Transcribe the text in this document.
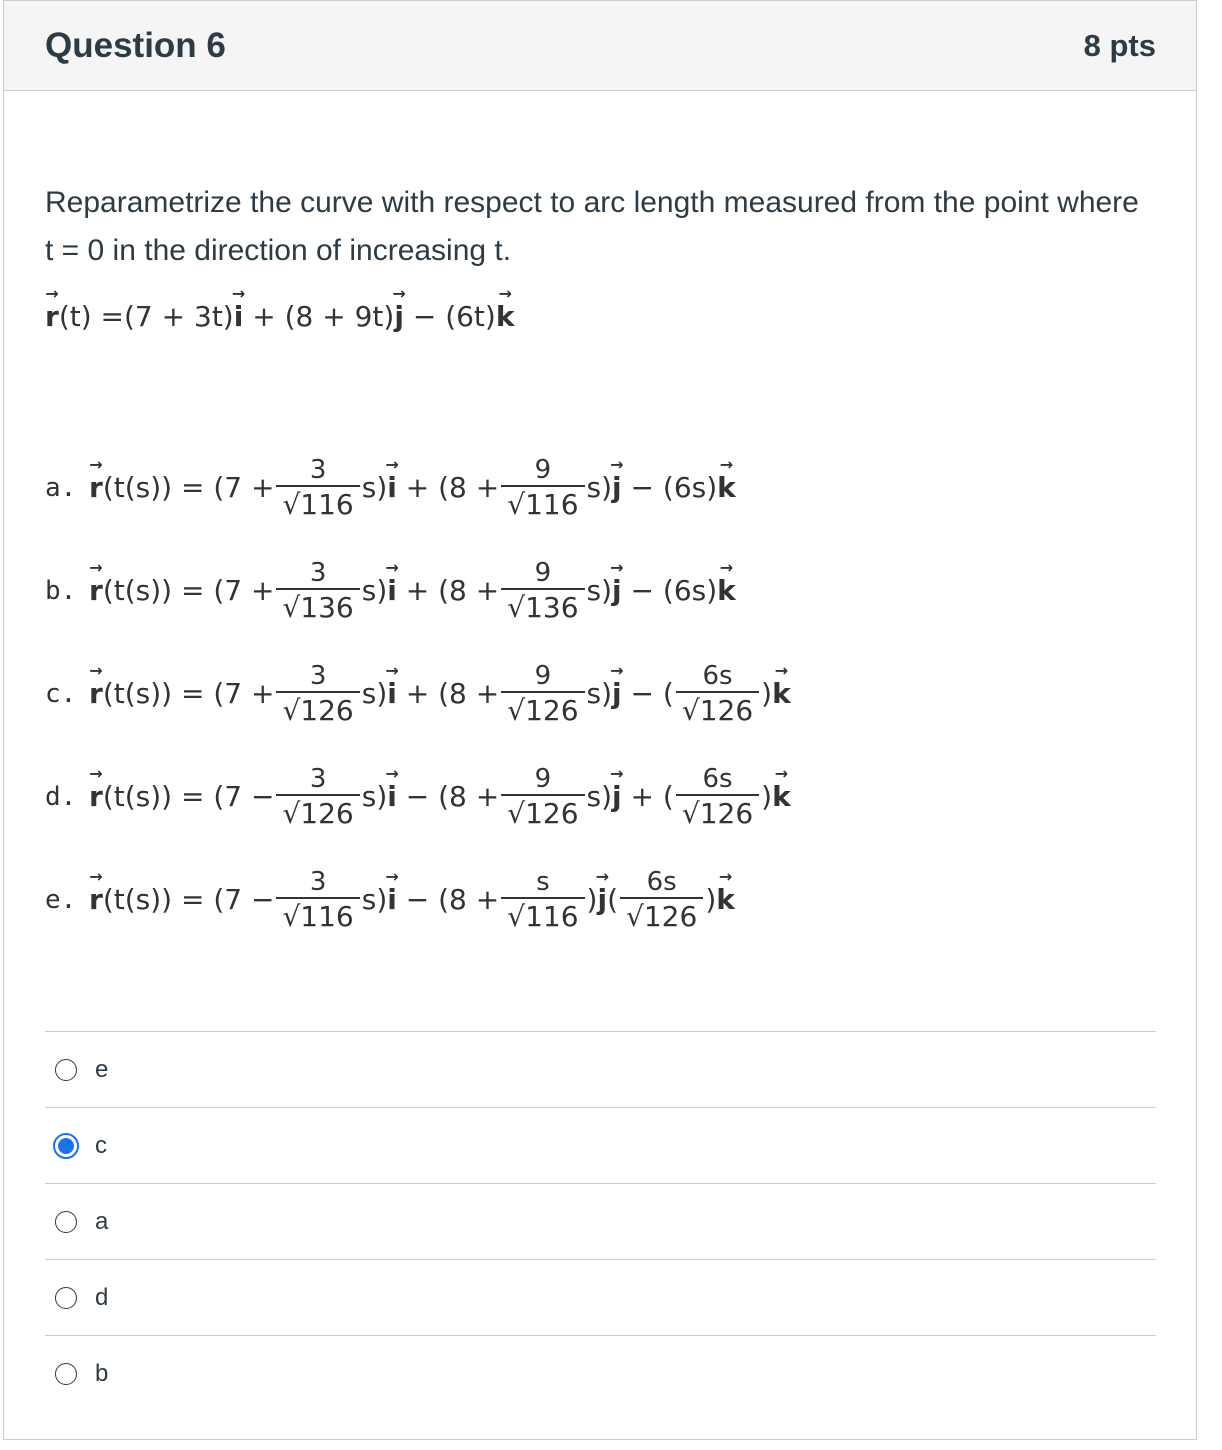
Question 6	8 pts
Reparametrize the curve with respect to arc length measured from the point where t = 0 in the direction of increasing t.
r → (t) = (7 + 3t) i → + (8 + 9t) j → − (6t) k →
a. $r \to (t(s)) = (7 + \frac{3}{√116} s)$ i → + $(8 + \frac{9}{√116} s)$ j → − (6s) k →
b. $r \to (t(s)) = (7 + \frac{3}{√136} s)$ i → + $(8 + \frac{9}{√136} s)$ j → − (6s) k →
c. $r \to (t(s)) = (7 + \frac{3}{√126} s)$ i → + $(8 + \frac{9}{√126} s)$ j → − ( $\frac{6s}{√126}$ ) k →
d. $r \to (t(s)) = (7 - \frac{3}{√126} s)$ i → − $(8 + \frac{9}{√126} s)$ j → + ( $\frac{6s}{√126}$ ) k →
e. $r \to (t(s)) = (7 - \frac{3}{√116} s)$ i → − ($8 + \frac{s}{√116}$ ) j → ( $\frac{6s}{√126}$ ) k →
e
c
a
d
b
